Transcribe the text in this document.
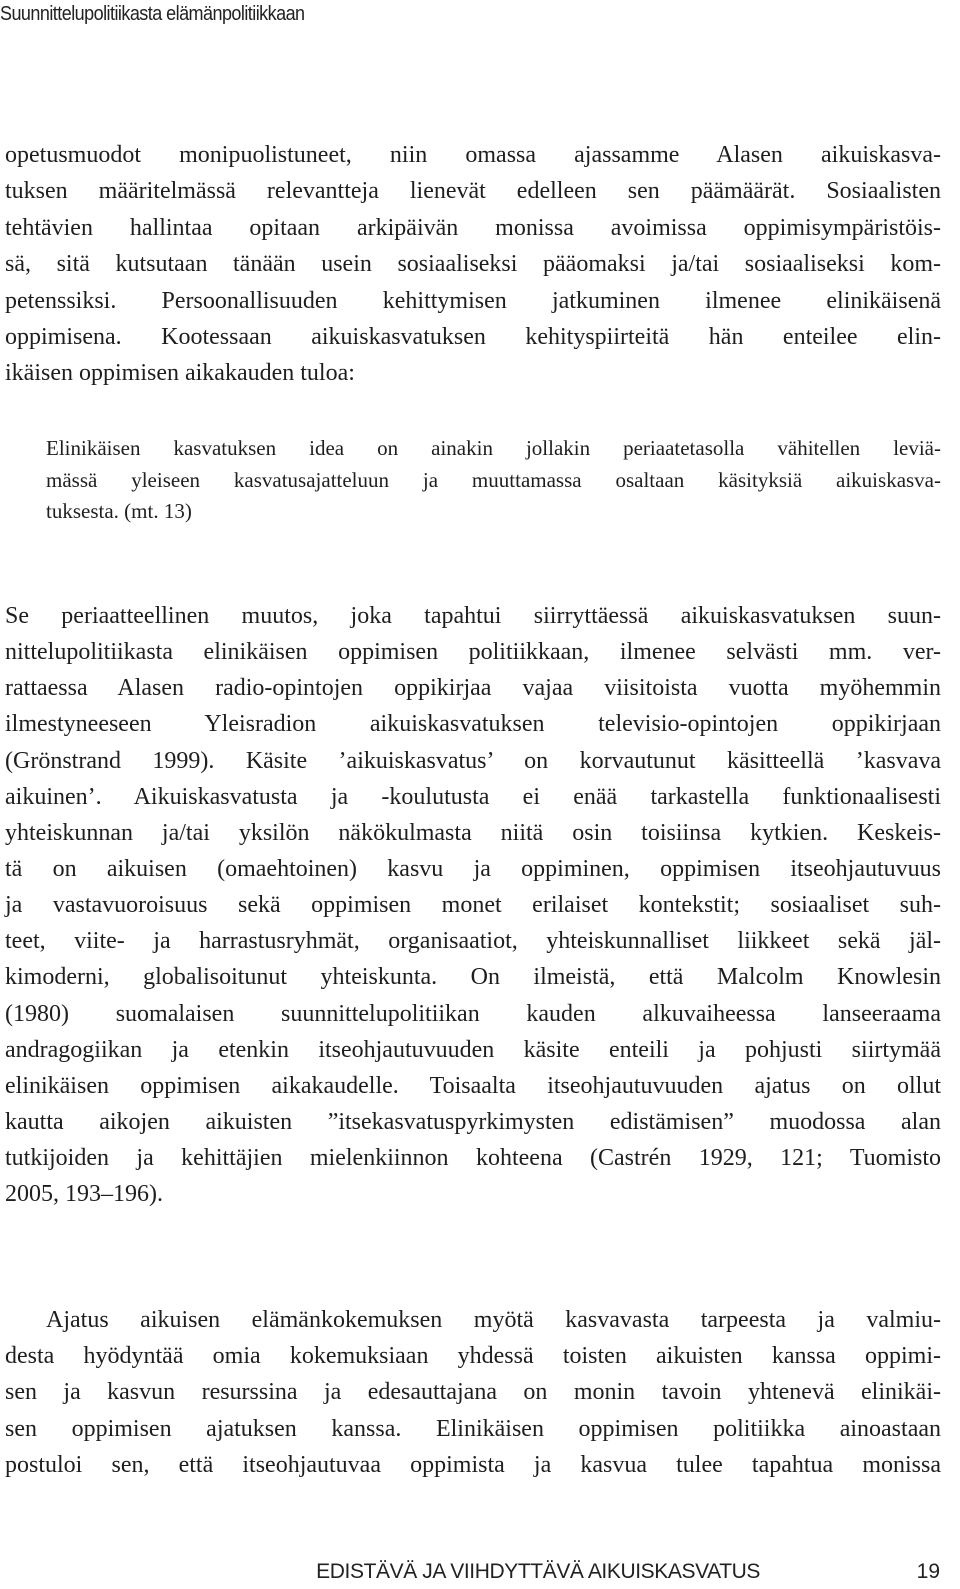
Suunnittelupolitiikasta elämänpolitiikkaan
opetusmuodot monipuolistuneet, niin omassa ajassamme Alasen aikuiskasva-
tuksen määritelmässä relevantteja lienevät edelleen sen päämäärät. Sosiaalisten
tehtävien hallintaa opitaan arkipäivän monissa avoimissa oppimisympäristöis-
sä, sitä kutsutaan tänään usein sosiaaliseksi pääomaksi ja/tai sosiaaliseksi kom-
petenssiksi. Persoonallisuuden kehittymisen jatkuminen ilmenee elinikäisenä
oppimisena. Kootessaan aikuiskasvatuksen kehityspiirteitä hän enteilee elin-
ikäisen oppimisen aikakauden tuloa:
Elinikäisen kasvatuksen idea on ainakin jollakin periaatetasolla vähitellen leviä-
mässä yleiseen kasvatusajatteluun ja muuttamassa osaltaan käsityksiä aikuiskasva-
tuksesta. (mt. 13)
Se periaatteellinen muutos, joka tapahtui siirryttäessä aikuiskasvatuksen suun-
nittelupolitiikasta elinikäisen oppimisen politiikkaan, ilmenee selvästi mm. ver-
rattaessa Alasen radio-opintojen oppikirjaa vajaa viisitoista vuotta myöhemmin
ilmestyneeseen Yleisradion aikuiskasvatuksen televisio-opintojen oppikirjaan
(Grönstrand 1999). Käsite ’aikuiskasvatus’ on korvautunut käsitteellä ’kasvava
aikuinen’. Aikuiskasvatusta ja -koulutusta ei enää tarkastella funktionaalisesti
yhteiskunnan ja/tai yksilön näkökulmasta niitä osin toisiinsa kytkien. Keskeis-
tä on aikuisen (omaehtoinen) kasvu ja oppiminen, oppimisen itseohjautuvuus
ja vastavuoroisuus sekä oppimisen monet erilaiset kontekstit; sosiaaliset suh-
teet, viite- ja harrastusryhmät, organisaatiot, yhteiskunnalliset liikkeet sekä jäl-
kimoderni, globalisoitunut yhteiskunta. On ilmeistä, että Malcolm Knowlesin
(1980) suomalaisen suunnittelupolitiikan kauden alkuvaiheessa lanseeraama
andragogiikan ja etenkin itseohjautuvuuden käsite enteili ja pohjusti siirtymää
elinikäisen oppimisen aikakaudelle. Toisaalta itseohjautuvuuden ajatus on ollut
kautta aikojen aikuisten ”itsekasvatuspyrkimysten edistämisen” muodossa alan
tutkijoiden ja kehittäjien mielenkiinnon kohteena (Castrén 1929, 121; Tuomisto
2005, 193–196).
Ajatus aikuisen elämänkokemuksen myötä kasvavasta tarpeesta ja valmiu-
desta hyödyntää omia kokemuksiaan yhdessä toisten aikuisten kanssa oppimi-
sen ja kasvun resurssina ja edesauttajana on monin tavoin yhtenevä elinikäi-
sen oppimisen ajatuksen kanssa. Elinikäisen oppimisen politiikka ainoastaan
postuloi sen, että itseohjautuvaa oppimista ja kasvua tulee tapahtua monissa
EDISTÄVÄ JA VIIHDYTTÄVÄ AIKUISKASVATUS	19
